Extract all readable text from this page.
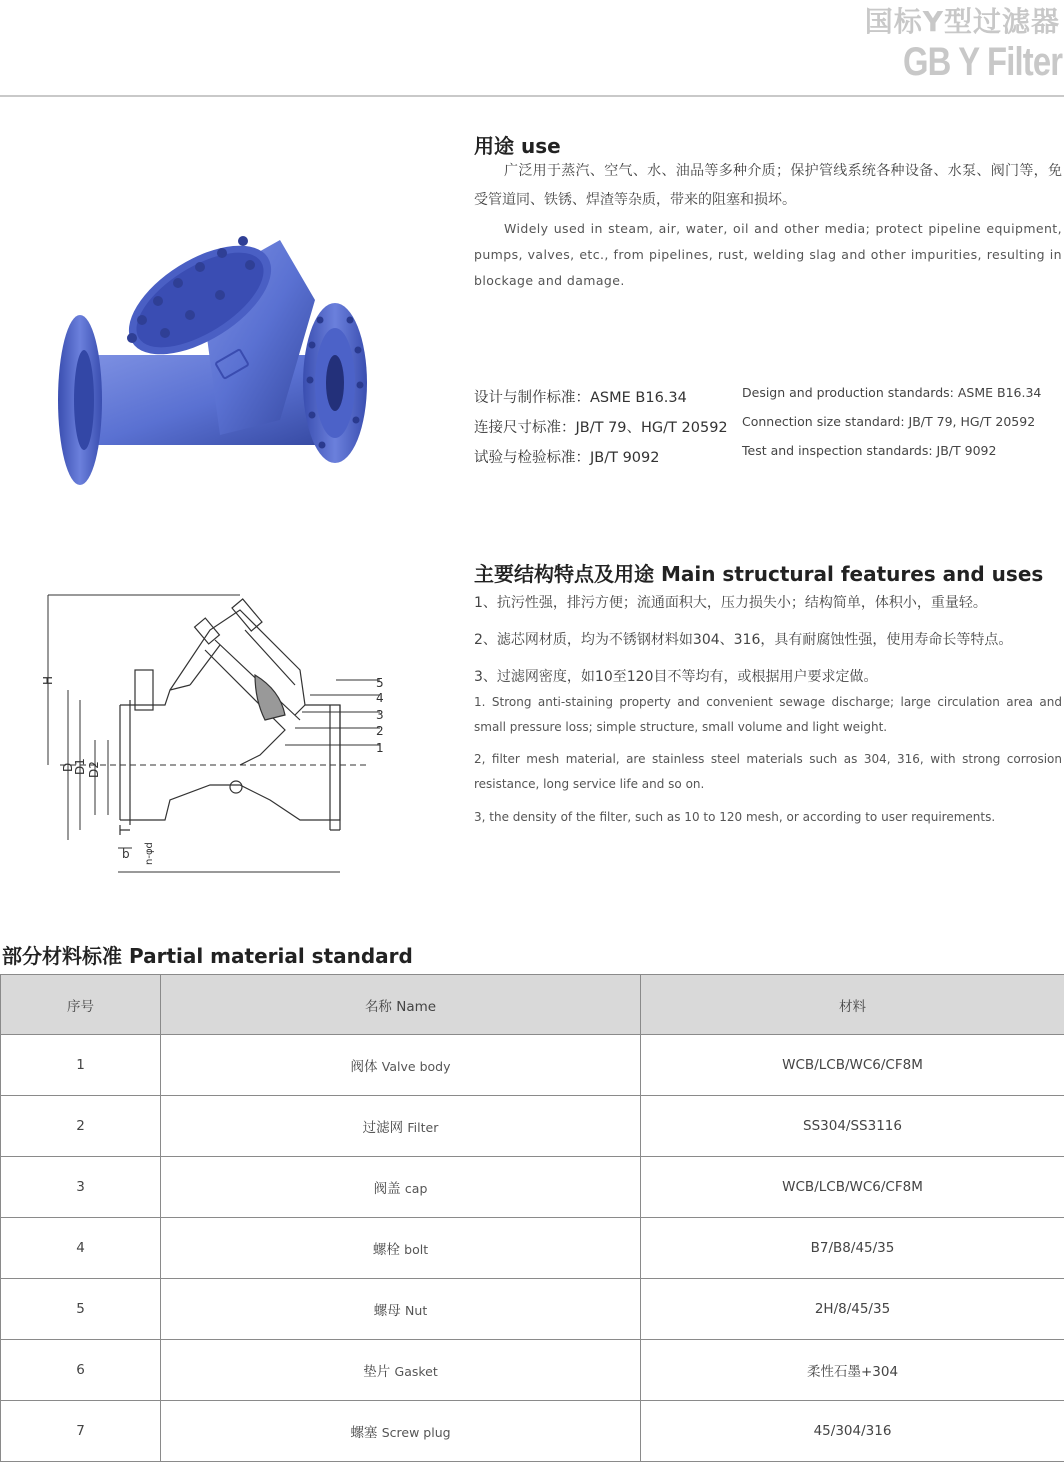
国标Y型过滤器
GB Y Filter
用途 use
广泛用于蒸汽、空气、水、油品等多种介质；保护管线系统各种设备、水泵、阀门等，免受管道同、铁锈、焊渣等杂质，带来的阻塞和损坏。
Widely used in steam, air, water, oil and other media; protect pipeline equipment, pumps, valves, etc., from pipelines, rust, welding slag and other impurities, resulting in blockage and damage.
设计与制作标准：ASME B16.34
连接尺寸标准：JB/T 79、HG/T 20592
试验与检验标准：JB/T 9092
Design and production standards: ASME B16.34
Connection size standard: JB/T 79, HG/T 20592
Test and inspection standards: JB/T 9092
主要结构特点及用途 Main structural features and uses
1、抗污性强，排污方便；流通面积大，压力损失小；结构简单，体积小，重量轻。
2、滤芯网材质，均为不锈钢材料如304、316，具有耐腐蚀性强，使用寿命长等特点。
3、过滤网密度，如10至120目不等均有，或根据用户要求定做。
1. Strong anti-staining property and convenient sewage discharge; large circulation area and small pressure loss; simple structure, small volume and light weight.
2, filter mesh material, are stainless steel materials such as 304, 316, with strong corrosion resistance, long service life and so on.
3, the density of the filter, such as 10 to 120 mesh, or according to user requirements.
H
D
D1 D2
b n-φd
5
4
3
2
1
部分材料标准 Partial material standard
序号	名称 Name	材料
1	阀体 Valve body	WCB/LCB/WC6/CF8M
2	过滤网 Filter	SS304/SS3116
3	阀盖 cap	WCB/LCB/WC6/CF8M
4	螺栓 bolt	B7/B8/45/35
5	螺母 Nut	2H/8/45/35
6	垫片 Gasket	柔性石墨+304
7	螺塞 Screw plug	45/304/316
